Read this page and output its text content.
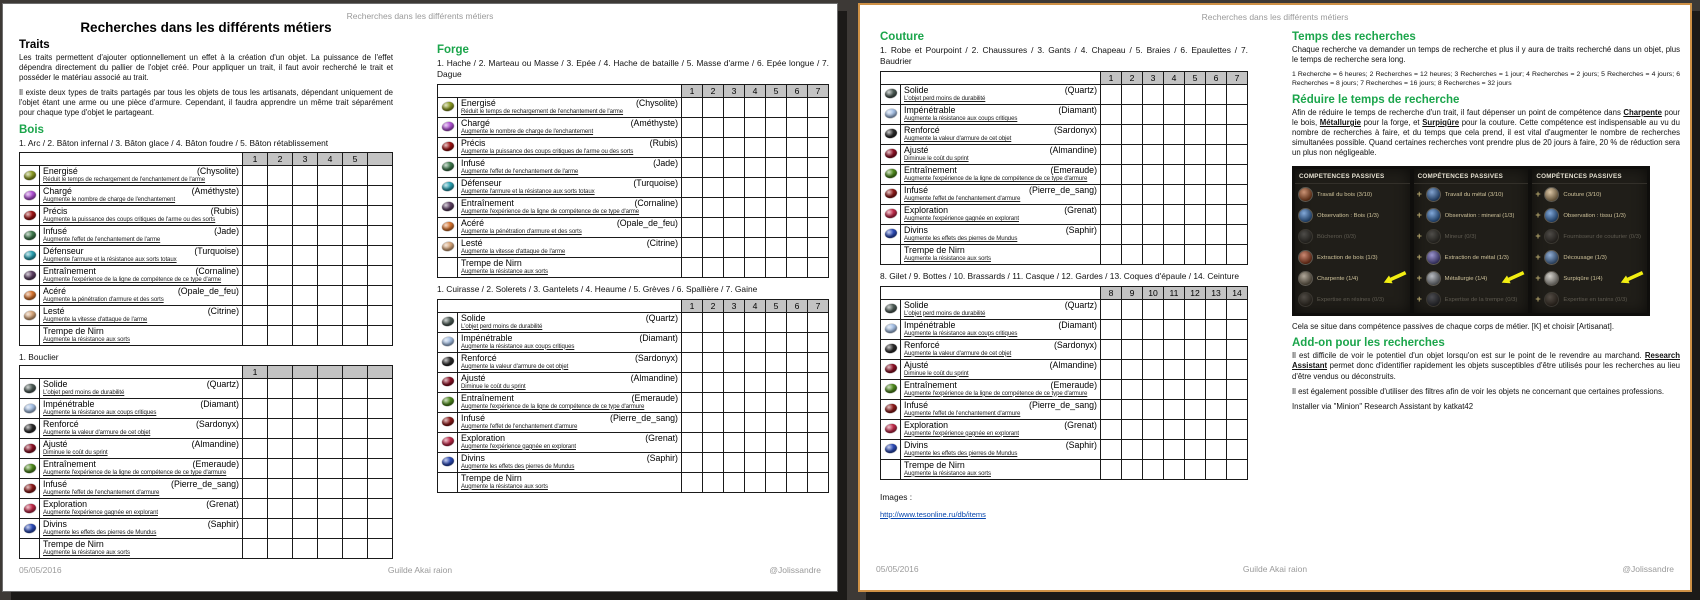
Recherches dans les différents métiers
Recherches dans les différents métiers
Traits

Les traits permettent d'ajouter optionnellement un effet à la création d'un objet. La puissance de l'effet dépendra directement du pallier de l'objet créé. Pour appliquer un trait, il faut avoir recherché le trait et posséder le matériau associé au trait.

Il existe deux types de traits partagés par tous les objets de tous les artisanats, dépendant uniquement de l'objet étant une arme ou une pièce d'armure. Cependant, il faudra apprendre un même trait séparément pour chaque type d'objet le partageant.

Bois

1. Arc / 2. Bâton infernal / 3. Bâton glace / 4. Bâton foudre / 5. Bâton rétablissement

		1	2	3	4	5	

	Energisé (Chysolite)
Réduit le temps de rechargement de l'enchantement de l'arme						

	Chargé (Améthyste)
Augmente le nombre de charge de l'enchantement						

	Précis (Rubis)
Augmente la puissance des coups critiques de l'arme ou des sorts						

	Infusé (Jade)
Augmente l'effet de l'enchantement de l'arme						

	Défenseur (Turquoise)
Augmente l'armure et la résistance aux sorts totaux						

	Entraînement (Cornaline)
Augmente l'expérience de la ligne de compétence de ce type d'arme						

	Acéré (Opale_de_feu)
Augmente la pénétration d'armure et des sorts						

	Lesté (Citrine)
Augmente la vitesse d'attaque de l'arme						

	Trempe de Nirn
Augmente la résistance aux sorts						

1. Bouclier

		1					

	Solide (Quartz)
L'objet perd moins de durabilité						

	Impénétrable (Diamant)
Augmente la résistance aux coups critiques						

	Renforcé (Sardonyx)
Augmente la valeur d'armure de cet objet						

	Ajusté (Almandine)
Diminue le coût du sprint						

	Entraînement (Emeraude)
Augmente l'expérience de la ligne de compétence de ce type d'armure						

	Infusé (Pierre_de_sang)
Augmente l'effet de l'enchantement d'armure						

	Exploration (Grenat)
Augmente l'expérience gagnée en explorant						

	Divins (Saphir)
Augmente les effets des pierres de Mundus						

	Trempe de Nirn
Augmente la résistance aux sorts						

Forge

1. Hache / 2. Marteau ou Masse / 3. Epée / 4. Hache de bataille / 5. Masse d'arme / 6. Epée longue / 7. Dague

		1	2	3	4	5	6	7

	Energisé (Chysolite)
Réduit le temps de rechargement de l'enchantement de l'arme							

	Chargé (Améthyste)
Augmente le nombre de charge de l'enchantement							

	Précis (Rubis)
Augmente la puissance des coups critiques de l'arme ou des sorts							

	Infusé (Jade)
Augmente l'effet de l'enchantement de l'arme							

	Défenseur (Turquoise)
Augmente l'armure et la résistance aux sorts totaux							

	Entraînement (Cornaline)
Augmente l'expérience de la ligne de compétence de ce type d'arme							

	Acéré (Opale_de_feu)
Augmente la pénétration d'armure et des sorts							

	Lesté (Citrine)
Augmente la vitesse d'attaque de l'arme							

	Trempe de Nirn
Augmente la résistance aux sorts							

1. Cuirasse / 2. Solerets / 3. Gantelets / 4. Heaume / 5. Grèves / 6. Spallière / 7. Gaine

		1	2	3	4	5	6	7

	Solide (Quartz)
L'objet perd moins de durabilité							

	Impénétrable (Diamant)
Augmente la résistance aux coups critiques							

	Renforcé (Sardonyx)
Augmente la valeur d'armure de cet objet							

	Ajusté (Almandine)
Diminue le coût du sprint							

	Entraînement (Emeraude)
Augmente l'expérience de la ligne de compétence de ce type d'armure							

	Infusé (Pierre_de_sang)
Augmente l'effet de l'enchantement d'armure							

	Exploration (Grenat)
Augmente l'expérience gagnée en explorant							

	Divins (Saphir)
Augmente les effets des pierres de Mundus							

	Trempe de Nirn
Augmente la résistance aux sorts							

05/05/2016	Guilde Akai raion	@Jolissandre
Recherches dans les différents métiers
Couture

1. Robe et Pourpoint / 2. Chaussures / 3. Gants / 4. Chapeau / 5. Braies / 6. Epaulettes / 7. Baudrier

		1	2	3	4	5	6	7

	Solide (Quartz)
L'objet perd moins de durabilité							

	Impénétrable (Diamant)
Augmente la résistance aux coups critiques							

	Renforcé (Sardonyx)
Augmente la valeur d'armure de cet objet							

	Ajusté (Almandine)
Diminue le coût du sprint							

	Entraînement (Emeraude)
Augmente l'expérience de la ligne de compétence de ce type d'armure							

	Infusé (Pierre_de_sang)
Augmente l'effet de l'enchantement d'armure							

	Exploration (Grenat)
Augmente l'expérience gagnée en explorant							

	Divins (Saphir)
Augmente les effets des pierres de Mundus							

	Trempe de Nirn
Augmente la résistance aux sorts							

8. Gilet / 9. Bottes / 10. Brassards / 11. Casque / 12. Gardes / 13. Coques d'épaule / 14. Ceinture

		8	9	10	11	12	13	14

	Solide (Quartz)
L'objet perd moins de durabilité							

	Impénétrable (Diamant)
Augmente la résistance aux coups critiques							

	Renforcé (Sardonyx)
Augmente la valeur d'armure de cet objet							

	Ajusté (Almandine)
Diminue le coût du sprint							

	Entraînement (Emeraude)
Augmente l'expérience de la ligne de compétence de ce type d'armure							

	Infusé (Pierre_de_sang)
Augmente l'effet de l'enchantement d'armure							

	Exploration (Grenat)
Augmente l'expérience gagnée en explorant							

	Divins (Saphir)
Augmente les effets des pierres de Mundus							

	Trempe de Nirn
Augmente la résistance aux sorts							

Images :
http://www.tesonline.ru/db/items
Temps des recherches

Chaque recherche va demander un temps de recherche et plus il y aura de traits recherché dans un objet, plus le temps de recherche sera long.

1 Recherche = 6 heures; 2 Recherches = 12 heures; 3 Recherches = 1 jour; 4 Recherches = 2 jours; 5 Recherches = 4 jours; 6 Recherches = 8 jours; 7 Recherches = 16 jours; 8 Recherches = 32 jours

Réduire le temps de recherche

Afin de réduire le temps de recherche d'un trait, il faut dépenser un point de compétence dans Charpente pour le bois, Métallurgie pour la forge, et Surpiqûre pour la couture. Cette compétence est indispensable au vu du nombre de recherches à faire, et du temps que cela prend, il est vital d'augmenter le nombre de recherches simultanées possible. Quand certaines recherches vont prendre plus de 20 jours à faire, 20 % de réduction sera un plus non négligeable.

COMPETENCES PASSIVES
Travail du bois (3/10)
Observation : Bois (1/3)
Bûcheron (0/3)
Extraction de bois (1/3)
Charpente (1/4)
Expertise en résines (0/3)
COMPÉTENCES PASSIVES
+	Travail du métal (3/10)
+	Observation : minerai (1/3)
+	Mineur (0/3)
+	Extraction de métal (1/3)
+	Métallurgie (1/4)
+	Expertise de la trempe (0/3)
COMPÉTENCES PASSIVES
+	Couture (3/10)
+	Observation : tissu (1/3)
+	Fournisseur de couturier (0/3)
+	Décousage (1/3)
+	Surpiqûre (1/4)
+	Expertise en tanins (0/3)

Cela se situe dans compétence passives de chaque corps de métier. [K] et choisir [Artisanat].

Add-on pour les recherches

Il est difficile de voir le potentiel d'un objet lorsqu'on est sur le point de le revendre au marchand. Research Assistant permet donc d'identifier rapidement les objets susceptibles d'être utilisés pour les recherches au lieu d'être vendus ou déconstruits.

Il est également possible d'utiliser des filtres afin de voir les objets ne concernant que certaines professions.

Installer via "Minion" Research Assistant by katkat42

05/05/2016	Guilde Akai raion	@Jolissandre
